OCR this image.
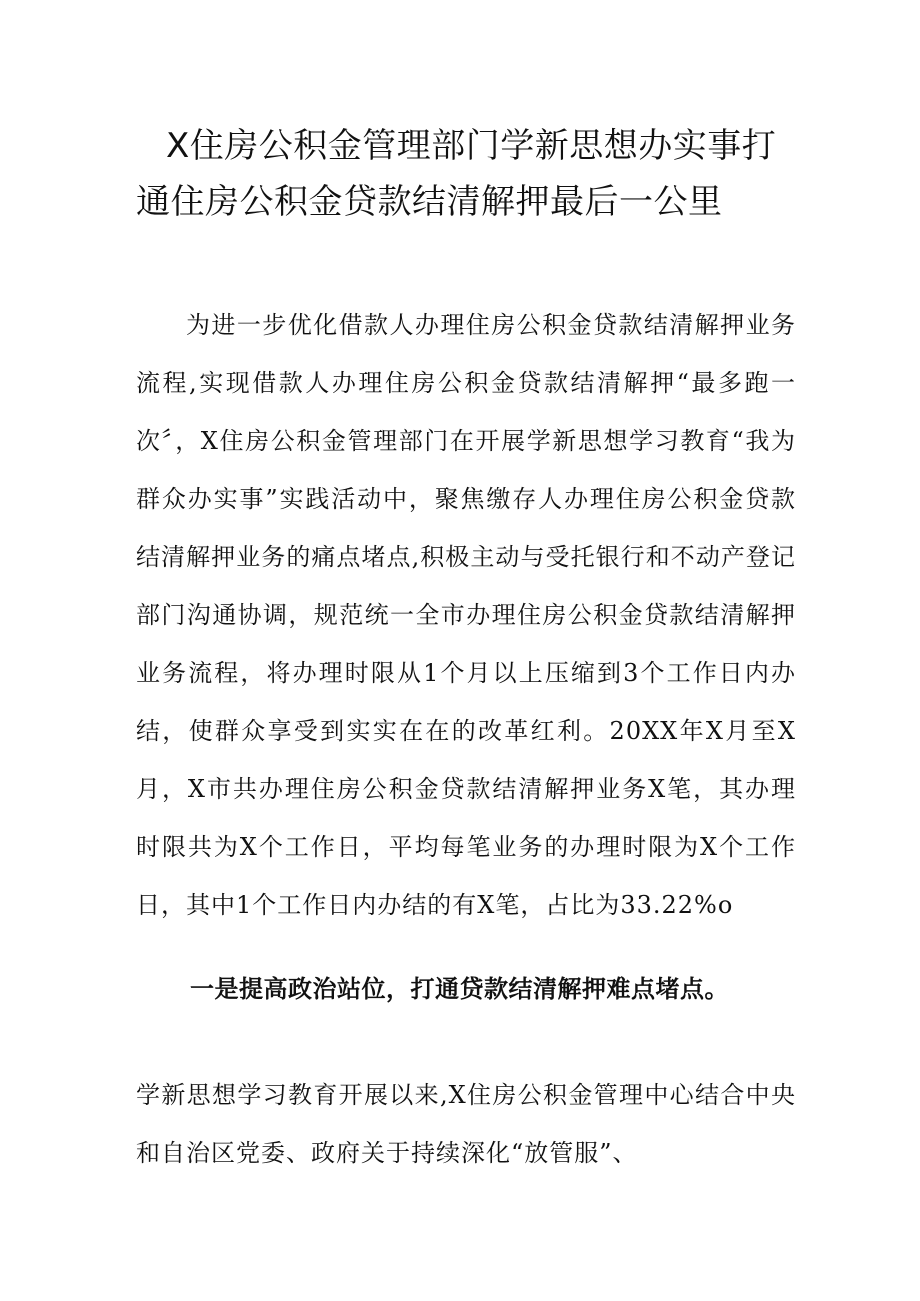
X住房公积金管理部门学新思想办实事打
通住房公积金贷款结清解押最后一公里

为进一步优化借款人办理住房公积金贷款结清解押业务流程,实现借款人办理住房公积金贷款结清解押“最多跑一次〞，X住房公积金管理部门在开展学新思想学习教育“我为群众办实事”实践活动中，聚焦缴存人办理住房公积金贷款结清解押业务的痛点堵点,积极主动与受托银行和不动产登记部门沟通协调，规范统一全市办理住房公积金贷款结清解押业务流程，将办理时限从1个月以上压缩到3个工作日内办结，使群众享受到实实在在的改革红利。20XX年X月至X月，X市共办理住房公积金贷款结清解押业务X笔，其办理时限共为X个工作日，平均每笔业务的办理时限为X个工作日，其中1个工作日内办结的有X笔，占比为33.22%o

一是提高政治站位，打通贷款结清解押难点堵点。

学新思想学习教育开展以来,X住房公积金管理中心结合中央和自治区党委、政府关于持续深化“放管服”、
